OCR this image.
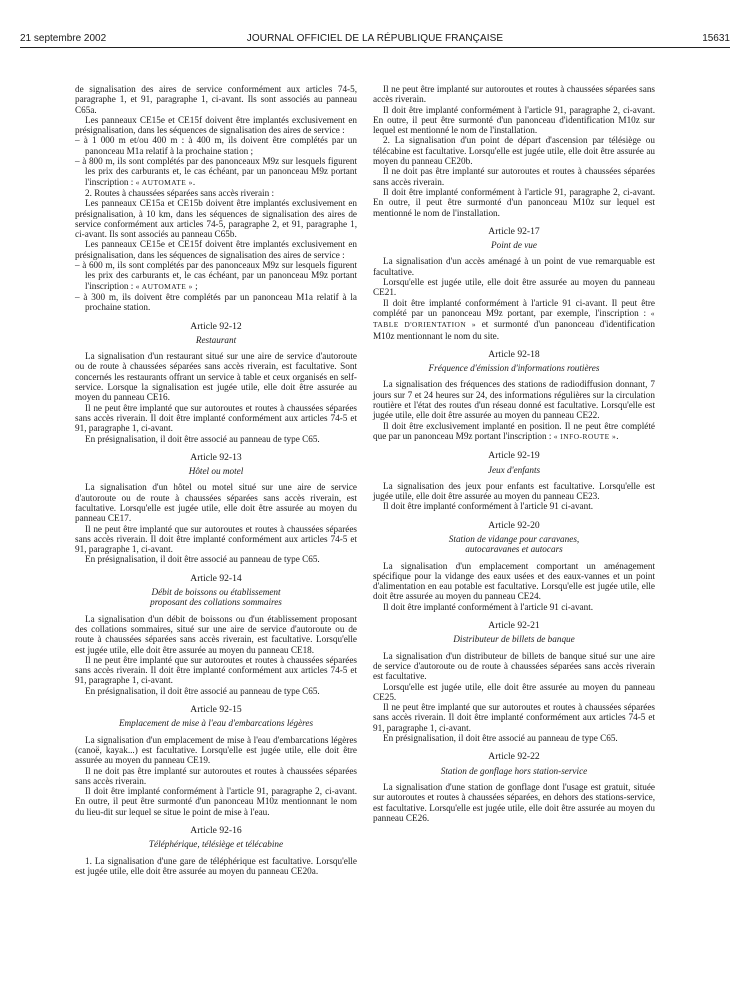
21 septembre 2002	JOURNAL OFFICIEL DE LA RÉPUBLIQUE FRANÇAISE	15631

de signalisation des aires de service conformément aux articles 74-5, paragraphe 1, et 91, paragraphe 1, ci-avant. Ils sont associés au panneau C65a.

Les panneaux CE15e et CE15f doivent être implantés exclusivement en présignalisation, dans les séquences de signalisation des aires de service :

– à 1 000 m et/ou 400 m : à 400 m, ils doivent être complétés par un panonceau M1a relatif à la prochaine station ;

– à 800 m, ils sont complétés par des panonceaux M9z sur lesquels figurent les prix des carburants et, le cas échéant, par un panonceau M9z portant l'inscription : « AUTOMATE ».

2. Routes à chaussées séparées sans accès riverain :

Les panneaux CE15a et CE15b doivent être implantés exclusivement en présignalisation, à 10 km, dans les séquences de signalisation des aires de service conformément aux articles 74-5, paragraphe 2, et 91, paragraphe 1, ci-avant. Ils sont associés au panneau C65b.

Les panneaux CE15e et CE15f doivent être implantés exclusivement en présignalisation, dans les séquences de signalisation des aires de service :

– à 600 m, ils sont complétés par des panonceaux M9z sur lesquels figurent les prix des carburants et, le cas échéant, par un panonceau M9z portant l'inscription : « AUTOMATE » ;

– à 300 m, ils doivent être complétés par un panonceau M1a relatif à la prochaine station.

Article 92-12

Restaurant

La signalisation d'un restaurant situé sur une aire de service d'autoroute ou de route à chaussées séparées sans accès riverain, est facultative. Sont concernés les restaurants offrant un service à table et ceux organisés en self-service. Lorsque la signalisation est jugée utile, elle doit être assurée au moyen du panneau CE16.

Il ne peut être implanté que sur autoroutes et routes à chaussées séparées sans accès riverain. Il doit être implanté conformément aux articles 74-5 et 91, paragraphe 1, ci-avant.

En présignalisation, il doit être associé au panneau de type C65.

Article 92-13

Hôtel ou motel

La signalisation d'un hôtel ou motel situé sur une aire de service d'autoroute ou de route à chaussées séparées sans accès riverain, est facultative. Lorsqu'elle est jugée utile, elle doit être assurée au moyen du panneau CE17.

Il ne peut être implanté que sur autoroutes et routes à chaussées séparées sans accès riverain. Il doit être implanté conformément aux articles 74-5 et 91, paragraphe 1, ci-avant.

En présignalisation, il doit être associé au panneau de type C65.

Article 92-14

Débit de boissons ou établissement
proposant des collations sommaires

La signalisation d'un débit de boissons ou d'un établissement proposant des collations sommaires, situé sur une aire de service d'autoroute ou de route à chaussées séparées sans accès riverain, est facultative. Lorsqu'elle est jugée utile, elle doit être assurée au moyen du panneau CE18.

Il ne peut être implanté que sur autoroutes et routes à chaussées séparées sans accès riverain. Il doit être implanté conformément aux articles 74-5 et 91, paragraphe 1, ci-avant.

En présignalisation, il doit être associé au panneau de type C65.

Article 92-15

Emplacement de mise à l'eau d'embarcations légères

La signalisation d'un emplacement de mise à l'eau d'embarcations légères (canoë, kayak...) est facultative. Lorsqu'elle est jugée utile, elle doit être assurée au moyen du panneau CE19.

Il ne doit pas être implanté sur autoroutes et routes à chaussées séparées sans accès riverain.

Il doit être implanté conformément à l'article 91, paragraphe 2, ci-avant. En outre, il peut être surmonté d'un panonceau M10z mentionnant le nom du lieu-dit sur lequel se situe le point de mise à l'eau.

Article 92-16

Téléphérique, télésiège et télécabine

1. La signalisation d'une gare de téléphérique est facultative. Lorsqu'elle est jugée utile, elle doit être assurée au moyen du panneau CE20a.

Il ne peut être implanté sur autoroutes et routes à chaussées séparées sans accès riverain.

Il doit être implanté conformément à l'article 91, paragraphe 2, ci-avant. En outre, il peut être surmonté d'un panonceau d'identification M10z sur lequel est mentionné le nom de l'installation.

2. La signalisation d'un point de départ d'ascension par télésiège ou télécabine est facultative. Lorsqu'elle est jugée utile, elle doit être assurée au moyen du panneau CE20b.

Il ne doit pas être implanté sur autoroutes et routes à chaussées séparées sans accès riverain.

Il doit être implanté conformément à l'article 91, paragraphe 2, ci-avant. En outre, il peut être surmonté d'un panonceau M10z sur lequel est mentionné le nom de l'installation.

Article 92-17

Point de vue

La signalisation d'un accès aménagé à un point de vue remarquable est facultative.

Lorsqu'elle est jugée utile, elle doit être assurée au moyen du panneau CE21.

Il doit être implanté conformément à l'article 91 ci-avant. Il peut être complété par un panonceau M9z portant, par exemple, l'inscription : « TABLE D'ORIENTATION » et surmonté d'un panonceau d'identification M10z mentionnant le nom du site.

Article 92-18

Fréquence d'émission d'informations routières

La signalisation des fréquences des stations de radiodiffusion donnant, 7 jours sur 7 et 24 heures sur 24, des informations régulières sur la circulation routière et l'état des routes d'un réseau donné est facultative. Lorsqu'elle est jugée utile, elle doit être assurée au moyen du panneau CE22.

Il doit être exclusivement implanté en position. Il ne peut être complété que par un panonceau M9z portant l'inscription : « INFO-ROUTE ».

Article 92-19

Jeux d'enfants

La signalisation des jeux pour enfants est facultative. Lorsqu'elle est jugée utile, elle doit être assurée au moyen du panneau CE23.

Il doit être implanté conformément à l'article 91 ci-avant.

Article 92-20

Station de vidange pour caravanes,
autocaravanes et autocars

La signalisation d'un emplacement comportant un aménagement spécifique pour la vidange des eaux usées et des eaux-vannes et un point d'alimentation en eau potable est facultative. Lorsqu'elle est jugée utile, elle doit être assurée au moyen du panneau CE24.

Il doit être implanté conformément à l'article 91 ci-avant.

Article 92-21

Distributeur de billets de banque

La signalisation d'un distributeur de billets de banque situé sur une aire de service d'autoroute ou de route à chaussées séparées sans accès riverain est facultative.

Lorsqu'elle est jugée utile, elle doit être assurée au moyen du panneau CE25.

Il ne peut être implanté que sur autoroutes et routes à chaussées séparées sans accès riverain. Il doit être implanté conformément aux articles 74-5 et 91, paragraphe 1, ci-avant.

En présignalisation, il doit être associé au panneau de type C65.

Article 92-22

Station de gonflage hors station-service

La signalisation d'une station de gonflage dont l'usage est gratuit, située sur autoroutes et routes à chaussées séparées, en dehors des stations-service, est facultative. Lorsqu'elle est jugée utile, elle doit être assurée au moyen du panneau CE26.
